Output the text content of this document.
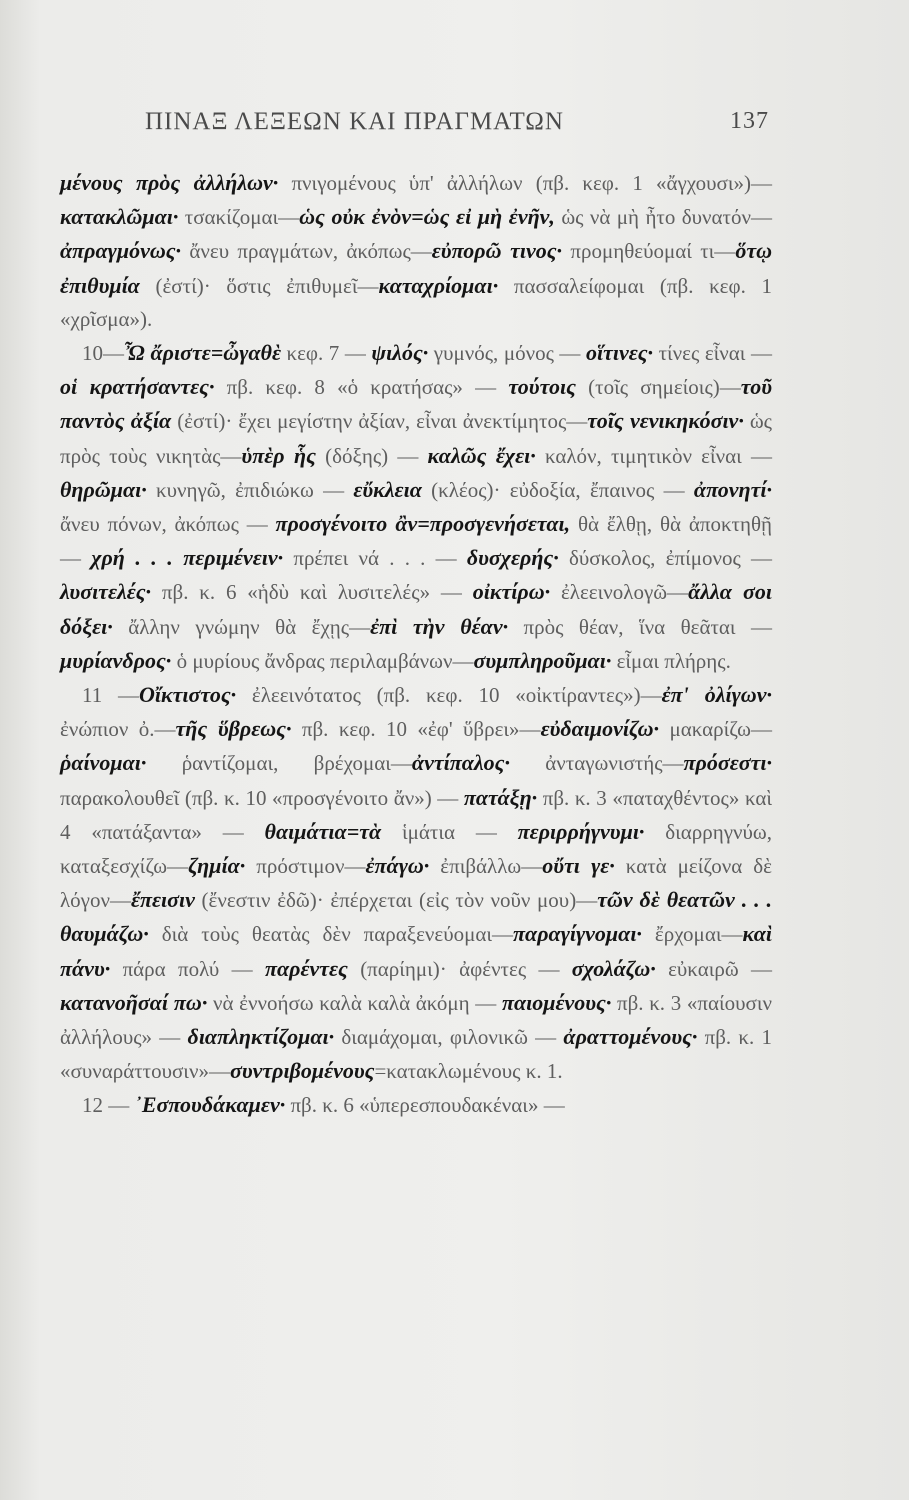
ΠΙΝΑΞ ΛΕΞΕΩΝ ΚΑΙ ΠΡΑΓΜΑΤΩΝ	137

μένους πρὸς ἀλλήλων· πνιγομένους ὑπ' ἀλλήλων (πβ. κεφ. 1 «ἄγχουσι»)—κατακλῶμαι· τσακίζομαι—ὡς οὐκ ἐνὸν=ὡς εἰ μὴ ἐνῆν, ὡς νὰ μὴ ἦτο δυνατόν—ἀπραγμόνως· ἄνευ πραγμάτων, ἀκόπως—εὐπορῶ τινος· προμηθεύομαί τι—ὅτῳ ἐπιθυμία (ἐστί)· ὅστις ἐπιθυμεῖ—καταχρίομαι· πασσαλείφομαι (πβ. κεφ. 1 «χρῖσμα»).

10—Ὦ ἄριστε=ὦγαθὲ κεφ. 7 — ψιλός· γυμνός, μόνος — οἵτινες· τίνες εἶναι — οἱ κρατήσαντες· πβ. κεφ. 8 «ὁ κρατήσας» — τούτοις (τοῖς σημείοις)—τοῦ παντὸς ἀξία (ἐστί)· ἔχει μεγίστην ἀξίαν, εἶναι ἀνεκτίμητος—τοῖς νενικηκόσιν· ὡς πρὸς τοὺς νικητὰς—ὑπὲρ ἧς (δόξης) — καλῶς ἔχει· καλόν, τιμητικὸν εἶναι — θηρῶμαι· κυνηγῶ, ἐπιδιώκω — εὔκλεια (κλέος)· εὐδοξία, ἔπαινος — ἀπονητί· ἄνευ πόνων, ἀκόπως — προσγένοιτο ἂν=προσγενήσεται, θὰ ἔλθῃ, θὰ ἀποκτηθῇ — χρή . . . περιμένειν· πρέπει νά . . . — δυσχερής· δύσκολος, ἐπίμονος — λυσιτελές· πβ. κ. 6 «ἡδὺ καὶ λυσιτελές» — οἰκτίρω· ἐλεεινολογῶ—ἄλλα σοι δόξει· ἄλλην γνώμην θὰ ἔχῃς—ἐπὶ τὴν θέαν· πρὸς θέαν, ἵνα θεᾶται — μυρίανδρος· ὁ μυρίους ἄνδρας περιλαμβάνων—συμπληροῦμαι· εἶμαι πλήρης.

11 —Οἴκτιστος· ἐλεεινότατος (πβ. κεφ. 10 «οἰκτίραντες»)—ἐπ' ὀλίγων· ἐνώπιον ὀ.—τῆς ὕβρεως· πβ. κεφ. 10 «ἐφ' ὕβρει»—εὐδαιμονίζω· μακαρίζω—ῥαίνομαι· ῥαντίζομαι, βρέχομαι—ἀντίπαλος· ἀνταγωνιστής—πρόσεστι· παρακολουθεῖ (πβ. κ. 10 «προσγένοιτο ἄν») — πατάξῃ· πβ. κ. 3 «παταχθέντος» καὶ 4 «πατάξαντα» — θαιμάτια=τὰ ἱμάτια — περιρρήγνυμι· διαρρηγνύω, καταξεσχίζω—ζημία· πρόστιμον—ἐπάγω· ἐπιβάλλω—οὔτι γε· κατὰ μείζονα δὲ λόγον—ἔπεισιν (ἔνεστιν ἐδῶ)· ἐπέρχεται (εἰς τὸν νοῦν μου)—τῶν δὲ θεατῶν . . . θαυμάζω· διὰ τοὺς θεατὰς δὲν παραξενεύομαι—παραγίγνομαι· ἔρχομαι—καὶ πάνυ· πάρα πολύ — παρέντες (παρίημι)· ἀφέντες — σχολάζω· εὐκαιρῶ — κατανοῆσαί πω· νὰ ἐννοήσω καλὰ καλὰ ἀκόμη — παιομένους· πβ. κ. 3 «παίουσιν ἀλλήλους» — διαπληκτίζομαι· διαμάχομαι, φιλονικῶ — ἀραττομένους· πβ. κ. 1 «συναράττουσιν»—συντριβομένους=κατακλωμένους κ. 1.

12 — ᾿Εσπουδάκαμεν· πβ. κ. 6 «ὑπερεσπουδακέναι» —
